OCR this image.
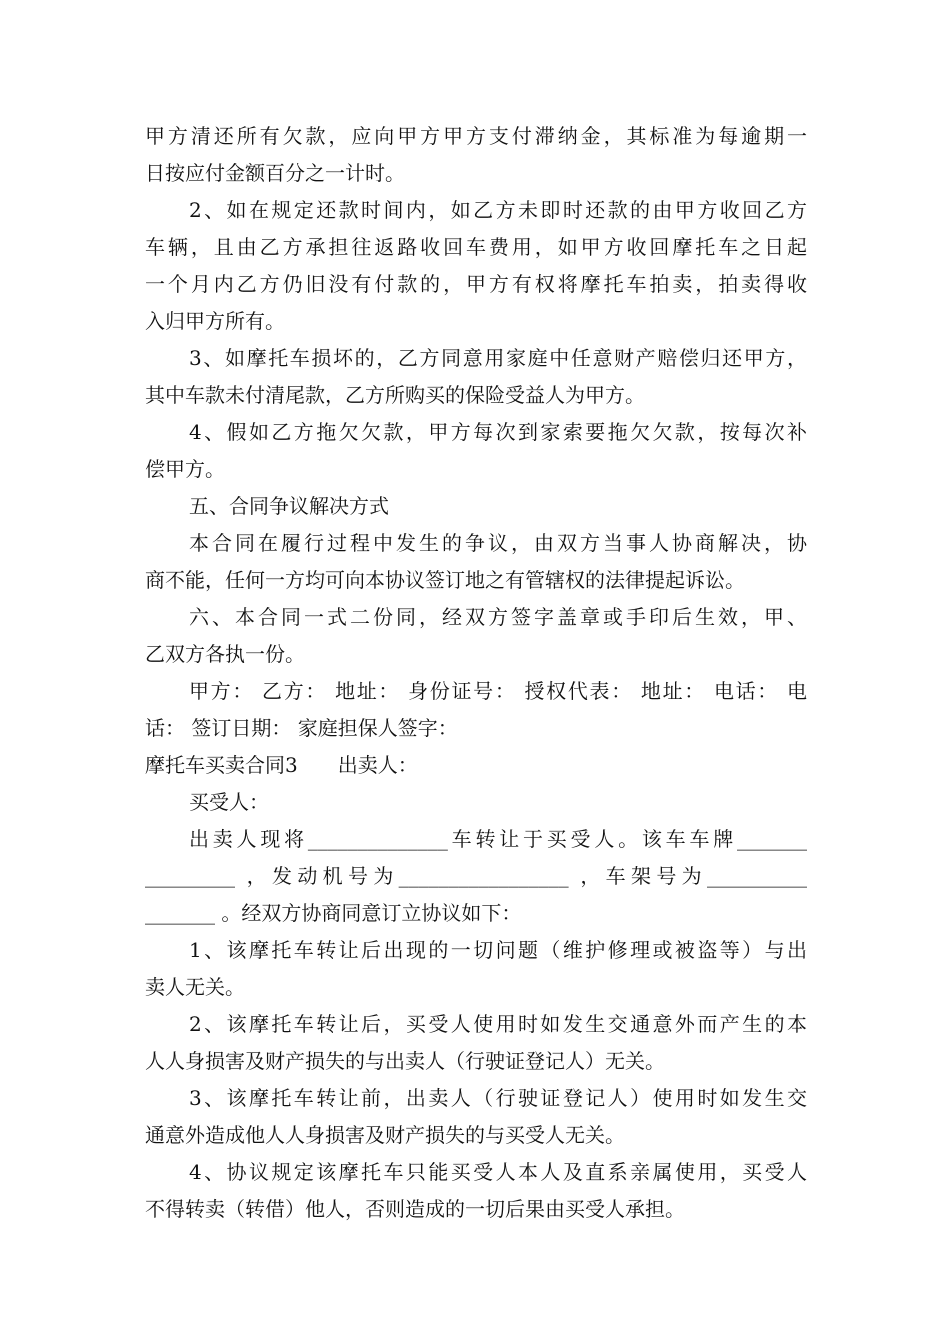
甲方清还所有欠款，应向甲方甲方支付滞纳金，其标准为每逾期一
日按应付金额百分之一计时。
2、如在规定还款时间内，如乙方未即时还款的由甲方收回乙方
车辆，且由乙方承担往返路收回车费用，如甲方收回摩托车之日起
一个月内乙方仍旧没有付款的，甲方有权将摩托车拍卖，拍卖得收
入归甲方所有。
3、如摩托车损坏的，乙方同意用家庭中任意财产赔偿归还甲方，
其中车款未付清尾款，乙方所购买的保险受益人为甲方。
4、假如乙方拖欠欠款，甲方每次到家索要拖欠欠款，按每次补
偿甲方。
五、合同争议解决方式
本合同在履行过程中发生的争议，由双方当事人协商解决，协
商不能，任何一方均可向本协议签订地之有管辖权的法律提起诉讼。
六、本合同一式二份同，经双方签字盖章或手印后生效，甲、
乙双方各执一份。
甲方： 乙方： 地址： 身份证号： 授权代表： 地址： 电话： 电
话： 签订日期： 家庭担保人签字：
摩托车买卖合同3　　出卖人：
买受人：
出卖人现将______________车转让于买受人。该车车牌_______
_________ ，发动机号为_________________ ，车架号为__________
_______ 。经双方协商同意订立协议如下：
1、该摩托车转让后出现的一切问题（维护修理或被盗等）与出
卖人无关。
2、该摩托车转让后，买受人使用时如发生交通意外而产生的本
人人身损害及财产损失的与出卖人（行驶证登记人）无关。
3、该摩托车转让前，出卖人（行驶证登记人）使用时如发生交
通意外造成他人人身损害及财产损失的与买受人无关。
4、协议规定该摩托车只能买受人本人及直系亲属使用，买受人
不得转卖（转借）他人，否则造成的一切后果由买受人承担。
